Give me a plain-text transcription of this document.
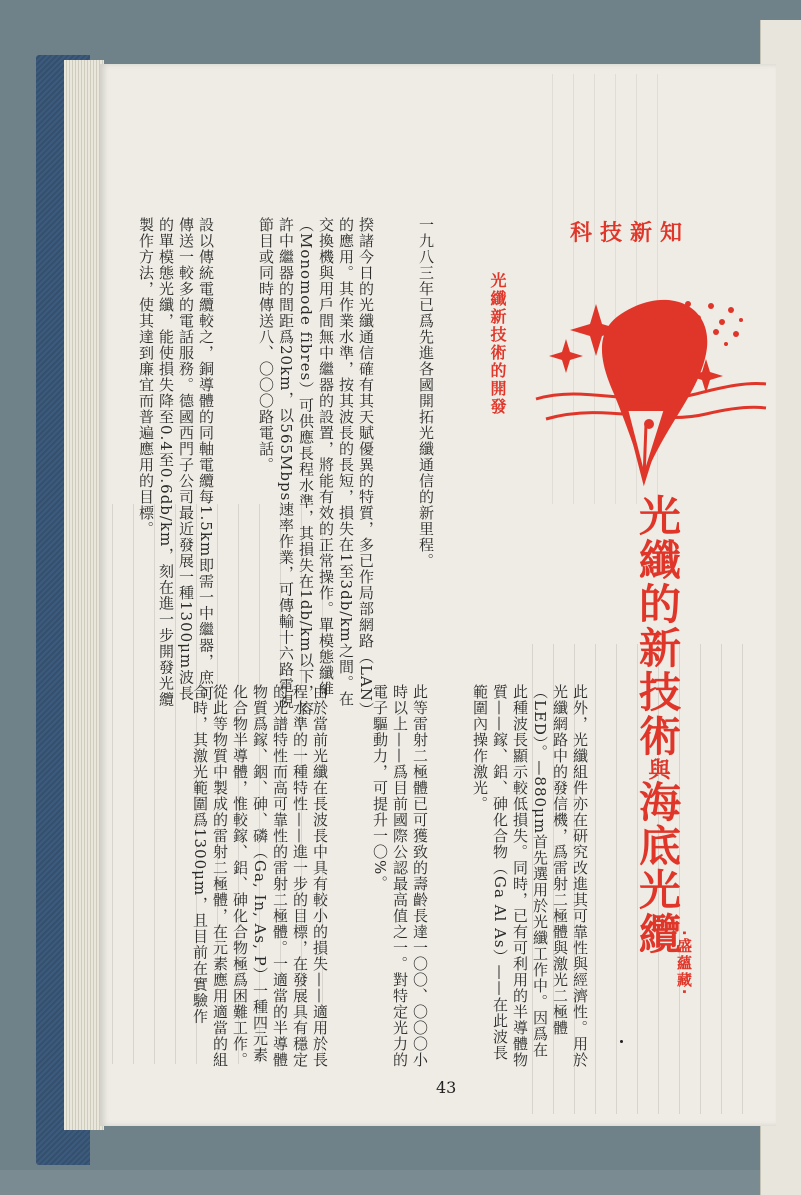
科技新知
光纖新技術的開發
光纖的新技術與海底光纜
·盛蘊藏·

一九八三年已爲先進各國開拓光纖通信的新里程。

揆諸今日的光纖通信確有其天賦優異的特質，多已作局部網路（LAN）的應用。其作業水準，按其波長的長短，損失在1至3db/km之間。在交換機與用戶間無中繼器的設置，將能有效的正常操作。單模態纖維（Monomode fibres）可供應長程水準，其損失在1db/km以下，容許中繼器的間距爲20km，以565Mbps速率作業，可傳輸十六路電視節目或同時傳送八、〇〇〇路電話。

設以傳統電纜較之，銅導體的同軸電纜每1.5km即需一中繼器，庶可傳送一較多的電話服務。德國西門子公司最近發展一種1300μm波長的單模態光纖，能使損失降至0.4至0.6db/km，刻在進一步開發光纜製作方法，使其達到廉宜而普遍應用的目標。

此外，光纖組件亦在研究改進其可靠性與經濟性。用於光纖網路中的發信機，爲雷射二極體與激光二極體（LED）。—880μm首先選用於光纖工作中。因爲在此種波長顯示較低損失。同時，已有可利用的半導體物質——鎵、鋁、砷化合物（Ga Al As）——在此波長範圍內操作激光。

此等雷射二極體已可獲致的壽齡長達一〇〇、〇〇〇小時以上——爲目前國際公認最高值之一。對特定光力的電子驅動力，可提升一〇%。

由於當前光纖在長波長中具有較小的損失——適用於長程水準的一種特性——進一步的目標，在發展具有穩定的光譜特性而高可靠性的雷射二極體。一適當的半導體物質爲鎵、銦、砷、磷（Ga, In, As, P）一種四元素化合物半導體，惟較鎵、鋁、砷化合物極爲困難工作。從此等物質中製成的雷射二極體，在元素應用適當的組合時，其激光範圍爲1300μm，且目前在實驗作

43
